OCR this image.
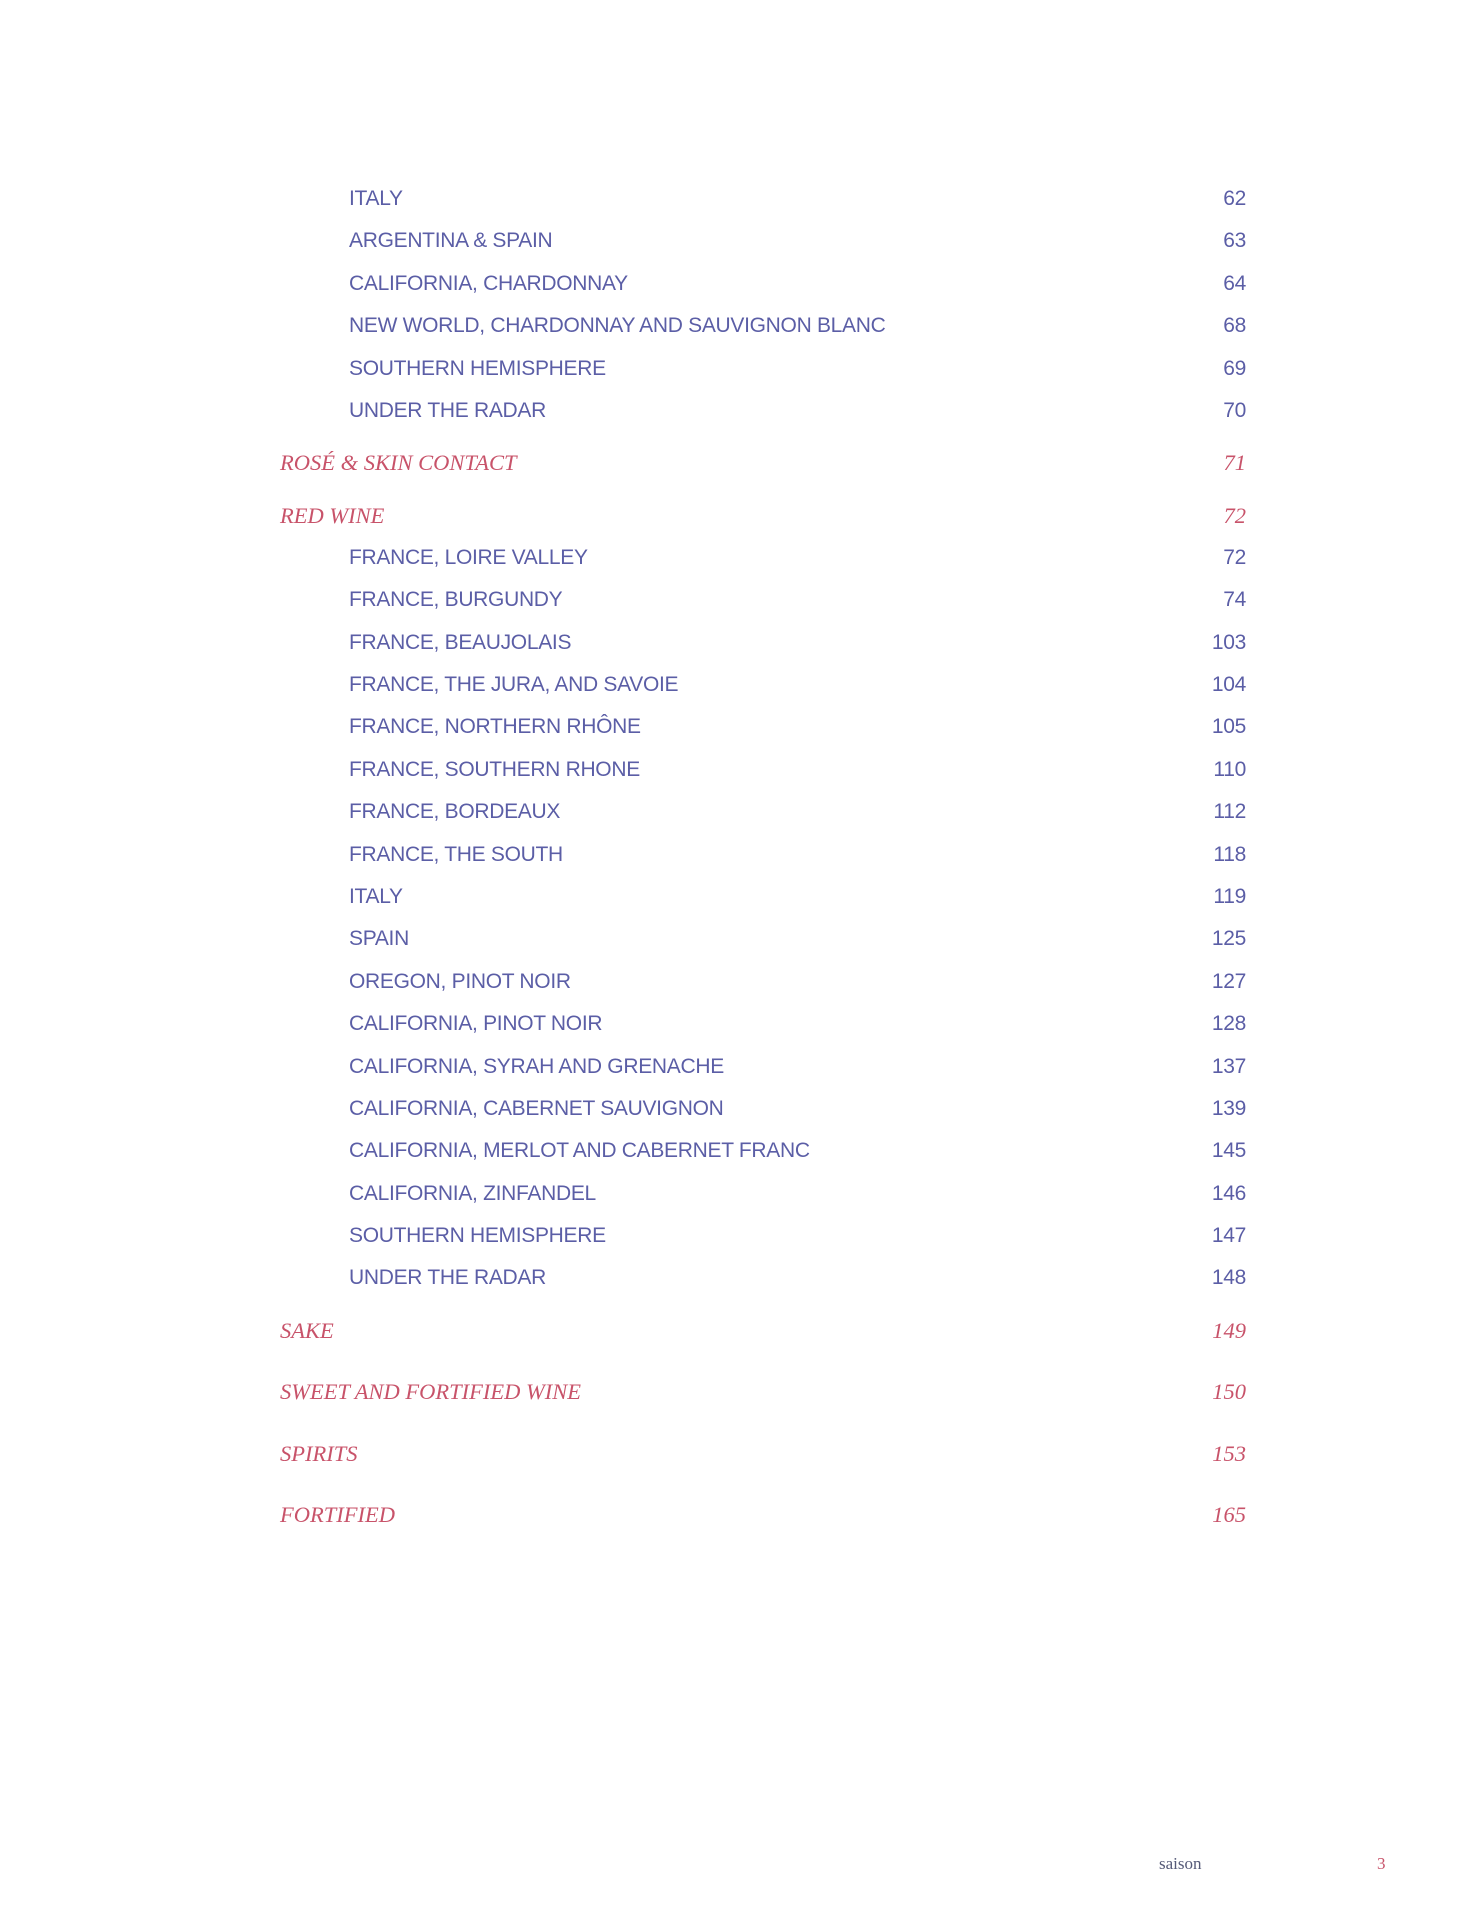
ITALY	62
ARGENTINA & SPAIN	63
CALIFORNIA, CHARDONNAY	64
NEW WORLD, CHARDONNAY AND SAUVIGNON BLANC	68
SOUTHERN HEMISPHERE	69
UNDER THE RADAR	70
ROSÉ & SKIN CONTACT	71
RED WINE	72
FRANCE, LOIRE VALLEY	72
FRANCE, BURGUNDY	74
FRANCE, BEAUJOLAIS	103
FRANCE, THE JURA, AND SAVOIE	104
FRANCE, NORTHERN RHÔNE	105
FRANCE, SOUTHERN RHONE	110
FRANCE, BORDEAUX	112
FRANCE, THE SOUTH	118
ITALY	119
SPAIN	125
OREGON, PINOT NOIR	127
CALIFORNIA, PINOT NOIR	128
CALIFORNIA, SYRAH AND GRENACHE	137
CALIFORNIA, CABERNET SAUVIGNON	139
CALIFORNIA, MERLOT AND CABERNET FRANC	145
CALIFORNIA, ZINFANDEL	146
SOUTHERN HEMISPHERE	147
UNDER THE RADAR	148
SAKE	149
SWEET AND FORTIFIED WINE	150
SPIRITS	153
FORTIFIED	165
saison	3
